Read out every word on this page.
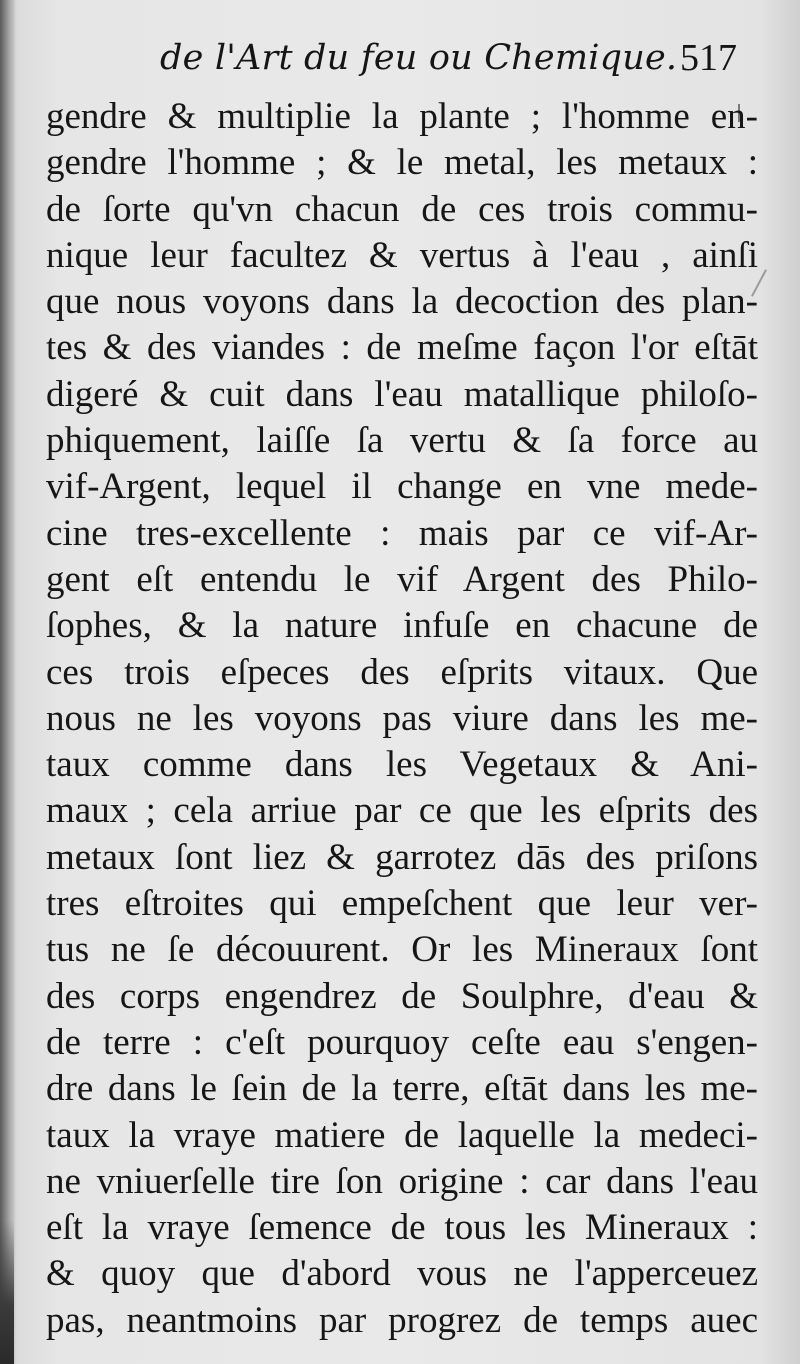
de l'Art du feu ou Chemique. 517
gendre & multiplie la plante ; l'homme en-
gendre l'homme ; & le metal, les metaux :
de ſorte qu'vn chacun de ces trois commu-
nique leur facultez & vertus à l'eau , ainſi
que nous voyons dans la decoction des plan-
tes & des viandes : de meſme façon l'or eſtāt
digeré & cuit dans l'eau matallique philoſo-
phiquement, laiſſe ſa vertu & ſa force au
vif-Argent, lequel il change en vne mede-
cine tres-excellente : mais par ce vif-Ar-
gent eſt entendu le vif Argent des Philo-
ſophes, & la nature infuſe en chacune de
ces trois eſpeces des eſprits vitaux. Que
nous ne les voyons pas viure dans les me-
taux comme dans les Vegetaux & Ani-
maux ; cela arriue par ce que les eſprits des
metaux ſont liez & garrotez dās des priſons
tres eſtroites qui empeſchent que leur ver-
tus ne ſe découurent. Or les Mineraux ſont
des corps engendrez de Soulphre, d'eau &
de terre : c'eſt pourquoy ceſte eau s'engen-
dre dans le ſein de la terre, eſtāt dans les me-
taux la vraye matiere de laquelle la medeci-
ne vniuerſelle tire ſon origine : car dans l'eau
eſt la vraye ſemence de tous les Mineraux :
& quoy que d'abord vous ne l'apperceuez
pas, neantmoins par progrez de temps auec
